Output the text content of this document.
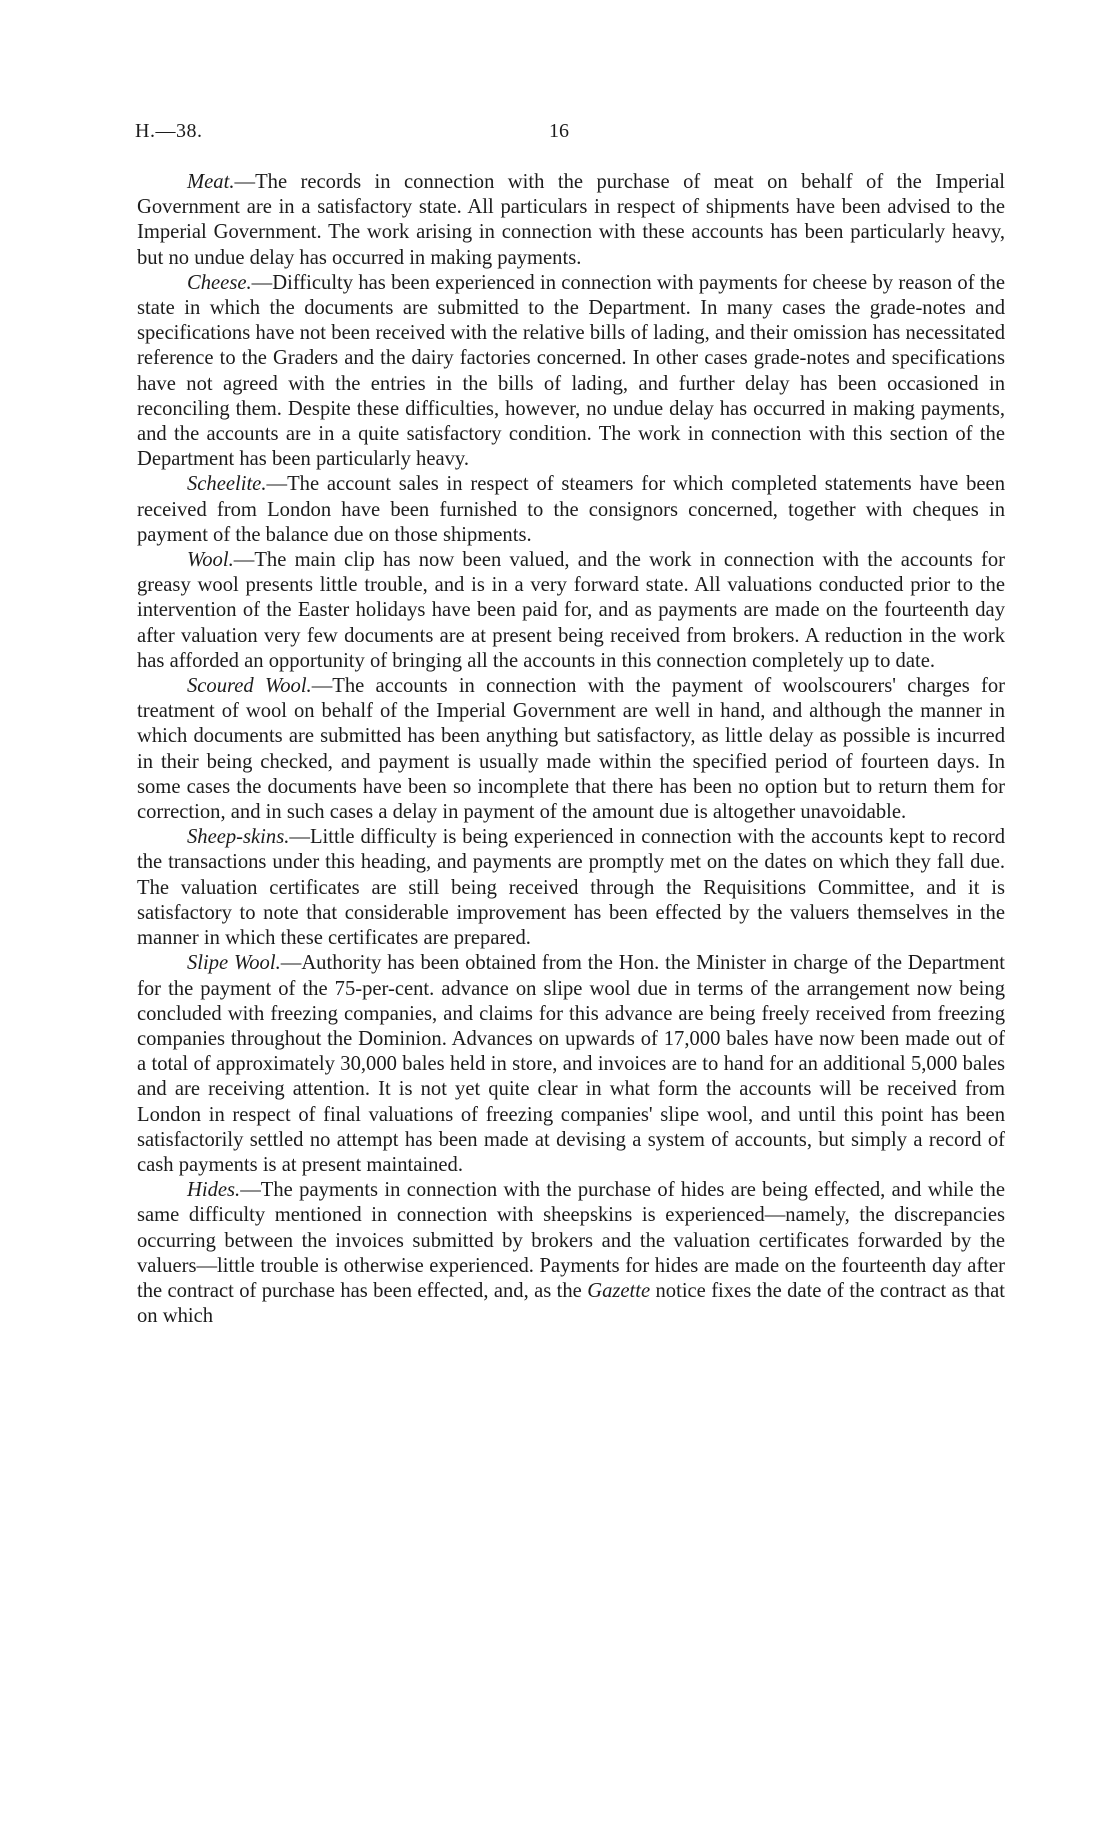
H.—38.	16

Meat.—The records in connection with the purchase of meat on behalf of the Imperial Government are in a satisfactory state. All particulars in respect of shipments have been advised to the Imperial Government. The work arising in connection with these accounts has been particularly heavy, but no undue delay has occurred in making payments.

Cheese.—Difficulty has been experienced in connection with payments for cheese by reason of the state in which the documents are submitted to the Department. In many cases the grade-notes and specifications have not been received with the relative bills of lading, and their omission has necessitated reference to the Graders and the dairy factories concerned. In other cases grade-notes and specifications have not agreed with the entries in the bills of lading, and further delay has been occasioned in reconciling them. Despite these difficulties, however, no undue delay has occurred in making payments, and the accounts are in a quite satisfactory condition. The work in connection with this section of the Department has been particularly heavy.

Scheelite.—The account sales in respect of steamers for which completed statements have been received from London have been furnished to the consignors concerned, together with cheques in payment of the balance due on those shipments.

Wool.—The main clip has now been valued, and the work in connection with the accounts for greasy wool presents little trouble, and is in a very forward state. All valuations conducted prior to the intervention of the Easter holidays have been paid for, and as payments are made on the fourteenth day after valuation very few documents are at present being received from brokers. A reduction in the work has afforded an opportunity of bringing all the accounts in this connection completely up to date.

Scoured Wool.—The accounts in connection with the payment of woolscourers' charges for treatment of wool on behalf of the Imperial Government are well in hand, and although the manner in which documents are submitted has been anything but satisfactory, as little delay as possible is incurred in their being checked, and payment is usually made within the specified period of fourteen days. In some cases the documents have been so incomplete that there has been no option but to return them for correction, and in such cases a delay in payment of the amount due is altogether unavoidable.

Sheep-skins.—Little difficulty is being experienced in connection with the accounts kept to record the transactions under this heading, and payments are promptly met on the dates on which they fall due. The valuation certificates are still being received through the Requisitions Committee, and it is satisfactory to note that considerable improvement has been effected by the valuers themselves in the manner in which these certificates are prepared.

Slipe Wool.—Authority has been obtained from the Hon. the Minister in charge of the Department for the payment of the 75-per-cent. advance on slipe wool due in terms of the arrangement now being concluded with freezing companies, and claims for this advance are being freely received from freezing companies throughout the Dominion. Advances on upwards of 17,000 bales have now been made out of a total of approximately 30,000 bales held in store, and invoices are to hand for an additional 5,000 bales and are receiving attention. It is not yet quite clear in what form the accounts will be received from London in respect of final valuations of freezing companies' slipe wool, and until this point has been satisfactorily settled no attempt has been made at devising a system of accounts, but simply a record of cash payments is at present maintained.

Hides.—The payments in connection with the purchase of hides are being effected, and while the same difficulty mentioned in connection with sheepskins is experienced—namely, the discrepancies occurring between the invoices submitted by brokers and the valuation certificates forwarded by the valuers—little trouble is otherwise experienced. Payments for hides are made on the fourteenth day after the contract of purchase has been effected, and, as the Gazette notice fixes the date of the contract as that on which
